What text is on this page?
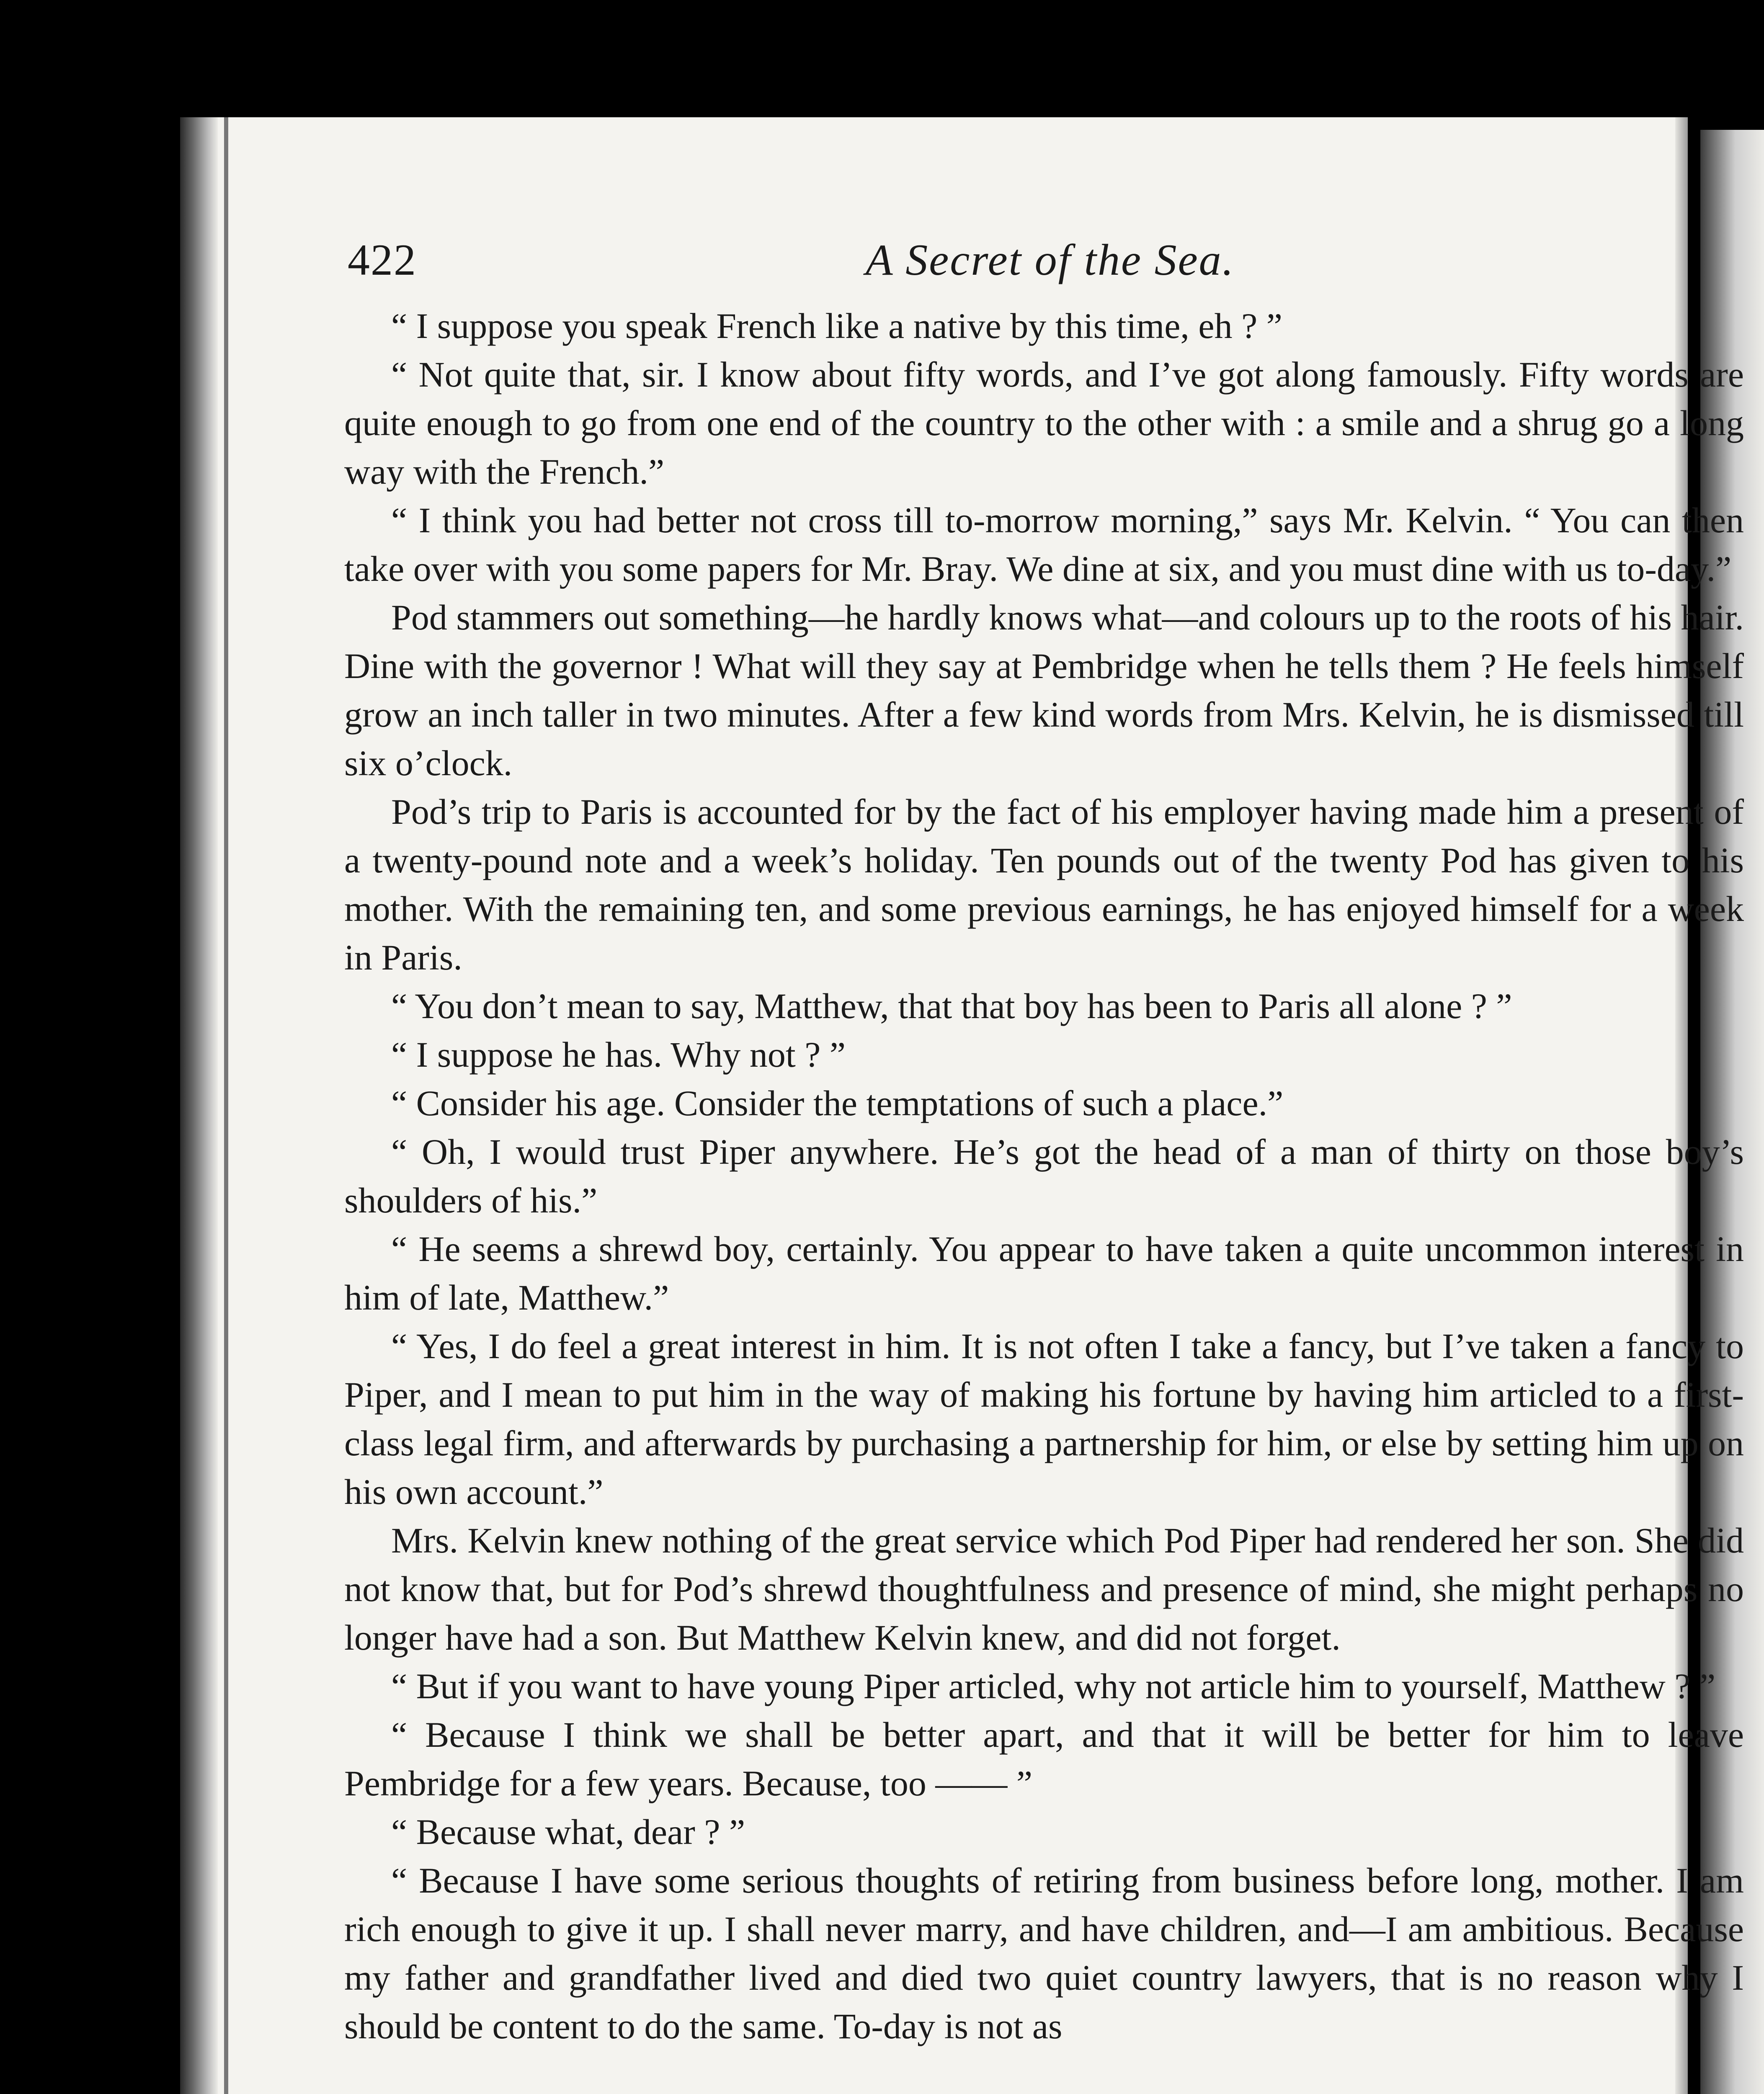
422	A Secret of the Sea.

“ I suppose you speak French like a native by this time, eh ? ”

“ Not quite that, sir. I know about fifty words, and I’ve got along famously. Fifty words are quite enough to go from one end of the country to the other with : a smile and a shrug go a long way with the French.”

“ I think you had better not cross till to-morrow morning,” says Mr. Kelvin. “ You can then take over with you some papers for Mr. Bray. We dine at six, and you must dine with us to-day.”

Pod stammers out something—he hardly knows what—and colours up to the roots of his hair. Dine with the governor ! What will they say at Pembridge when he tells them ? He feels himself grow an inch taller in two minutes. After a few kind words from Mrs. Kelvin, he is dismissed till six o’clock.

Pod’s trip to Paris is accounted for by the fact of his employer having made him a present of a twenty-pound note and a week’s holiday. Ten pounds out of the twenty Pod has given to his mother. With the remaining ten, and some previous earnings, he has enjoyed himself for a week in Paris.

“ You don’t mean to say, Matthew, that that boy has been to Paris all alone ? ”

“ I suppose he has. Why not ? ”

“ Consider his age. Consider the temptations of such a place.”

“ Oh, I would trust Piper anywhere. He’s got the head of a man of thirty on those boy’s shoulders of his.”

“ He seems a shrewd boy, certainly. You appear to have taken a quite uncommon interest in him of late, Matthew.”

“ Yes, I do feel a great interest in him. It is not often I take a fancy, but I’ve taken a fancy to Piper, and I mean to put him in the way of making his fortune by having him articled to a first-class legal firm, and afterwards by purchasing a partnership for him, or else by setting him up on his own account.”

Mrs. Kelvin knew nothing of the great service which Pod Piper had rendered her son. She did not know that, but for Pod’s shrewd thoughtfulness and presence of mind, she might perhaps no longer have had a son. But Matthew Kelvin knew, and did not forget.

“ But if you want to have young Piper articled, why not article him to yourself, Matthew ? ”

“ Because I think we shall be better apart, and that it will be better for him to leave Pembridge for a few years. Because, too —— ”

“ Because what, dear ? ”

“ Because I have some serious thoughts of retiring from business before long, mother. I am rich enough to give it up. I shall never marry, and have children, and—I am ambitious. Because my father and grandfather lived and died two quiet country lawyers, that is no reason why I should be content to do the same. To-day is not as
